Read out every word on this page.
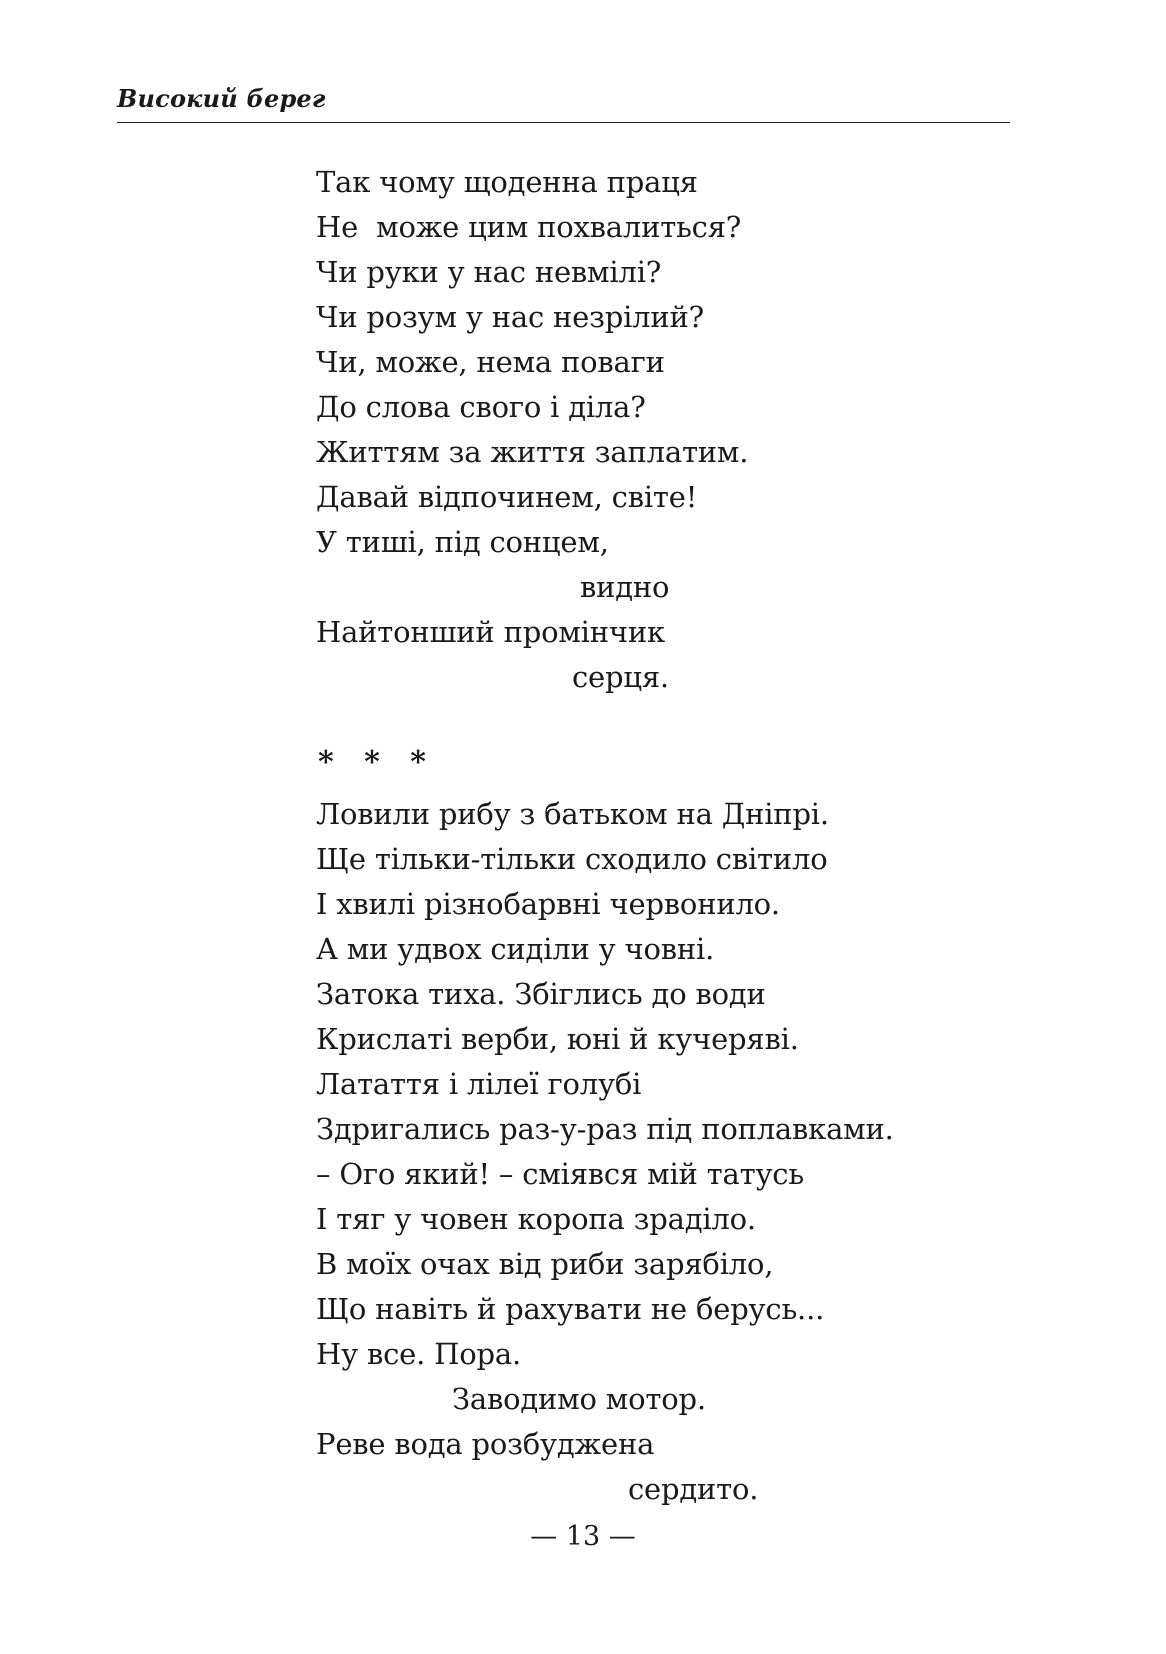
Високий берег
Так чому щоденна праця
Не  може цим похвалиться?
Чи руки у нас невмілі?
Чи розум у нас незрілий?
Чи, може, нема поваги
До слова свого і діла?
Життям за життя заплатим.
Давай відпочинем, світе!
У тиші, під сонцем,
видно
Найтонший промінчик
серця.
* * *
Ловили рибу з батьком на Дніпрі.
Ще тільки-тільки сходило світило
І хвилі різнобарвні червонило.
А ми удвох сиділи у човні.
Затока тиха. Збіглись до води
Крислаті верби, юні й кучеряві.
Латаття і лілеї голубі
Здригались раз-у-раз під поплавками.
– Ого який! – сміявся мій татусь
І тяг у човен коропа зраділо.
В моїх очах від риби зарябіло,
Що навіть й рахувати не берусь...
Ну все. Пора.
Заводимо мотор.
Реве вода розбуджена
сердито.
— 13 —
